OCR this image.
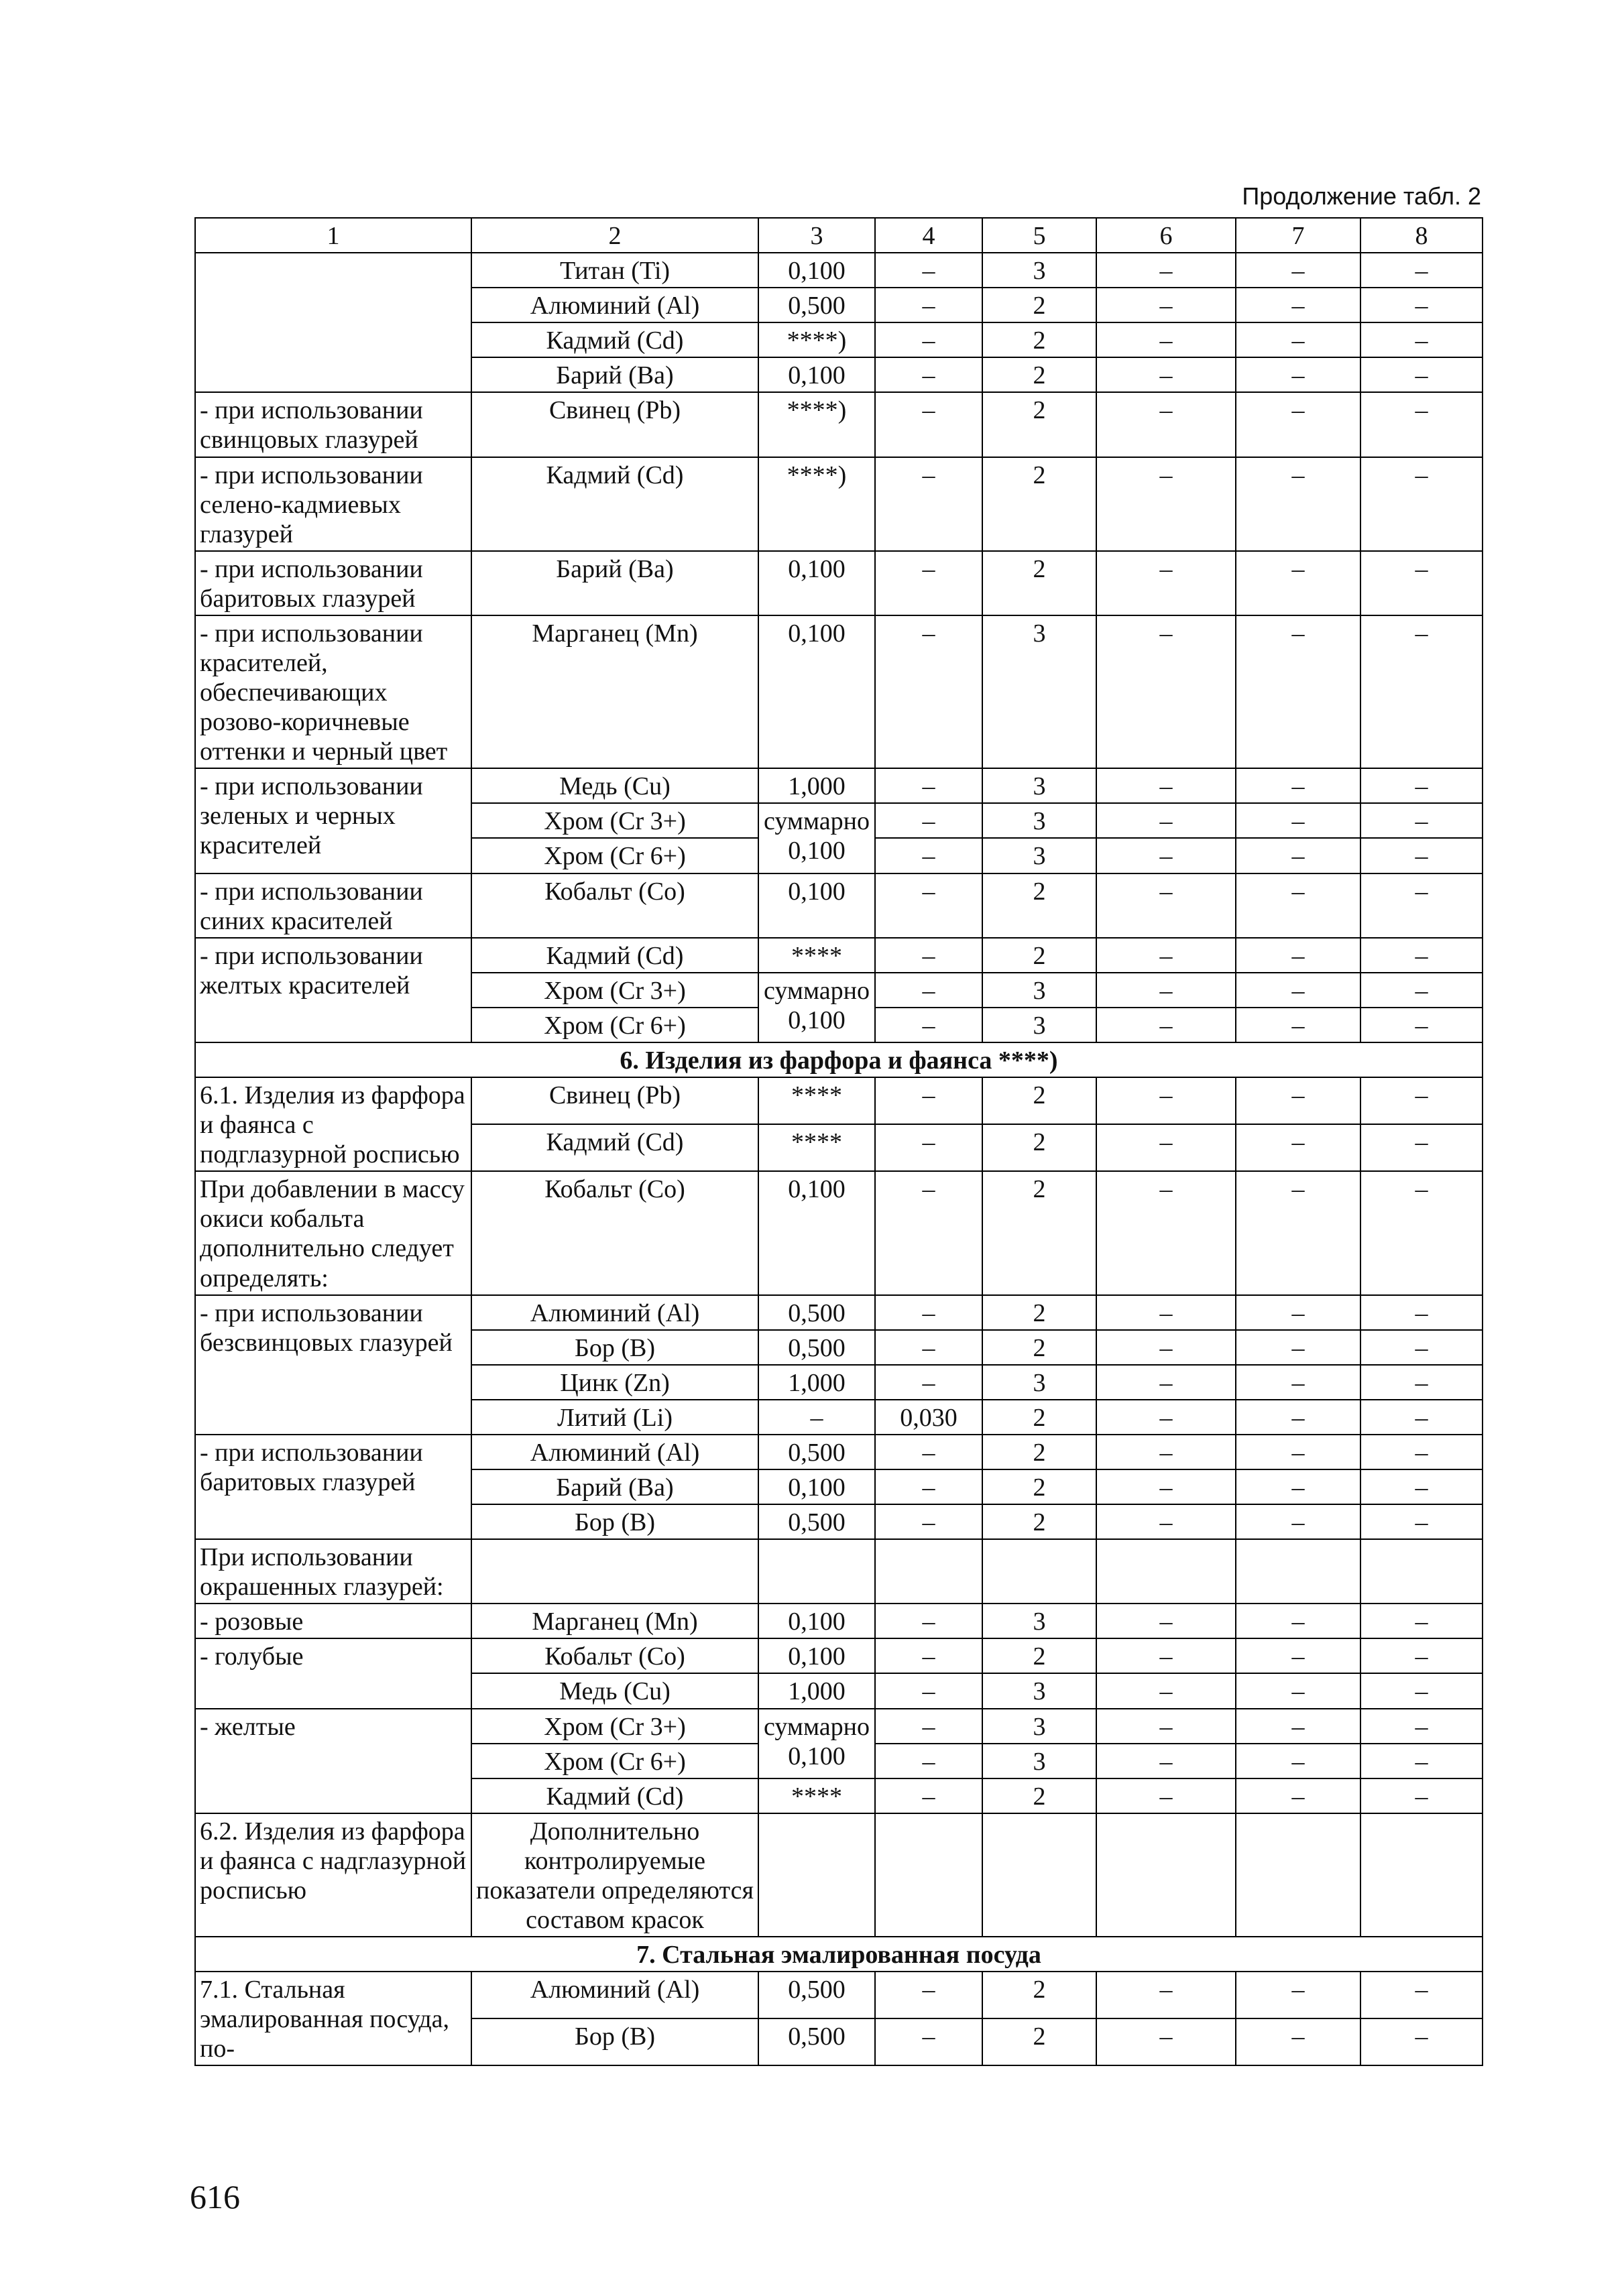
Продолжение табл. 2
1	2	3	4	5	6	7	8
	Титан (Ti)	0,100	–	3	–	–	–
	Алюминий (Al)	0,500	–	2	–	–	–
	Кадмий (Cd)	****)	–	2	–	–	–
	Барий (Ba)	0,100	–	2	–	–	–
- при использовании свинцовых глазурей	Свинец (Pb)	****)	–	2	–	–	–
- при использовании селено-кадмиевых глазурей	Кадмий (Cd)	****)	–	2	–	–	–
- при использовании баритовых глазурей	Барий (Ba)	0,100	–	2	–	–	–
- при использовании красителей, обеспечивающих розово-коричневые оттенки и черный цвет	Марганец (Mn)	0,100	–	3	–	–	–
- при использовании зеленых и черных красителей	Медь (Cu)	1,000	–	3	–	–	–
	Хром (Cr 3+)	суммарно 0,100	–	3	–	–	–
	Хром (Cr 6+)		–	3	–	–	–
- при использовании синих красителей	Кобальт (Co)	0,100	–	2	–	–	–
- при использовании желтых красителей	Кадмий (Cd)	****	–	2	–	–	–
	Хром (Cr 3+)	суммарно 0,100	–	3	–	–	–
	Хром (Cr 6+)		–	3	–	–	–
6. Изделия из фарфора и фаянса ****)							
6.1. Изделия из фарфора и фаянса с подглазурной росписью	Свинец (Pb)	****	–	2	–	–	–
	Кадмий (Cd)	****	–	2	–	–	–
При добавлении в массу окиси кобальта дополнительно следует определять:	Кобальт (Co)	0,100	–	2	–	–	–
- при использовании безсвинцовых глазурей	Алюминий (Al)	0,500	–	2	–	–	–
	Бор (B)	0,500	–	2	–	–	–
	Цинк (Zn)	1,000	–	3	–	–	–
	Литий (Li)	–	0,030	2	–	–	–
- при использовании баритовых глазурей	Алюминий (Al)	0,500	–	2	–	–	–
	Барий (Ba)	0,100	–	2	–	–	–
	Бор (B)	0,500	–	2	–	–	–
При использовании окрашенных глазурей:							
- розовые	Марганец (Mn)	0,100	–	3	–	–	–
- голубые	Кобальт (Co)	0,100	–	2	–	–	–
	Медь (Cu)	1,000	–	3	–	–	–
- желтые	Хром (Cr 3+)	суммарно 0,100	–	3	–	–	–
	Хром (Cr 6+)		–	3	–	–	–
	Кадмий (Cd)	****	–	2	–	–	–
6.2. Изделия из фарфора и фаянса с надглазурной росписью	Дополнительно контролируемые показатели определяются составом красок						
7. Стальная эмалированная посуда							
7.1. Стальная эмалированная посуда, по-	Алюминий (Al)	0,500	–	2	–	–	–
	Бор (B)	0,500	–	2	–	–	–
616
